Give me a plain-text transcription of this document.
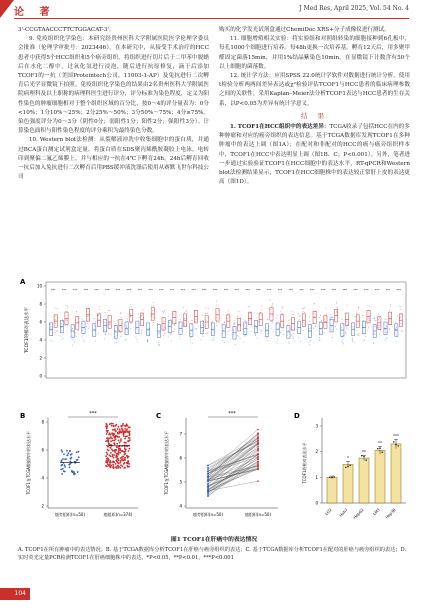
论 著	J Med Res, April 2025, Vol. 54 No. 4

3'-CCGTAACCCTTCTGGACAT-3'。

9. 免疫组织化学染色：本研究经贵州医科大学附属医院医学伦理学委员会批准（伦理学审批号：2023446）。在本研究中，从接受手术治疗的HCC患者中获得5个HCC组织和5个癌旁组织。将组织进行切片后于二甲苯中脱蜡后在水化二醇中，过氧化氢进行浸泡，随后进行抗原修复，滴于后添加TCOF1的一抗（美国Proteintech公司，11003-1-AP）及兔抗进行二次孵育后光学显微镜下拍照。免疫组织化学染色的结果由2名贵州医科大学附属医院病理科及以上职称的病理科医生进行评分，评分标准为染色程度，定义为阳性染色的肿瘤细胞相对于整个组织区域的百分比，按0～4的评分量表为：0分<10%；1分10%～25%；2分25%～50%；3分50%～75%；4分≥75%。染色强度评分为0～3分（阴性0分；弱阳性1分；阳性2分；强阳性3分）。计算染色面积与阳性染色程度的评分乘积为最终染色分数。

10. Western blot法检测：从裂解液冲洗中收集细胞中的蛋白质，并通过BCA蛋白测定试剂盒定量。将蛋白质在SDS聚丙烯酰胺凝胶上电泳，电转印到聚偏二氟乙烯膜上，并与相应的一抗在4℃下孵育24h。24h后孵育回收一抗后加入兔抗进行二次孵育后用PBS缓冲液洗涤后使用从赛默飞世尔科技公司

购买的化学发光试剂盒通过ChemiDoc XRS+分子成像仪进行测试。

11. 细胞增殖相关实验：将实验组和对照组转染的细胞接种到6孔板中，每孔1000个细胞进行培养。每48h更换一次培养基。孵育12天后，用多聚甲醛固定菌落15min，并用1%结晶紫染色10min。在显微镜下计数含有50个以上细胞的菌落数。

12. 统计学方法：应用SPSS 22.0统计学软件对数据进行统计分析。使用t检验分析两两间差异表达或χ²检验评估TCOF1与HCC患者的临床病理参数之间的关联性。采用Kaplan–Meier法分析TCOF1表达与HCC患者的生存关系，以P<0.05为差异有统计学意义。

结 果

1. TCOF1在HCC组织中的表达差异：TCGA收录了包括HCC在内的多种肿瘤和对应的癌旁组织的表达信息。基于TCGA数据库发现TCOF1在多种肿瘤中的表达上调（图1A）；在配对和非配对的HCC的癌与癌旁组织样本中，TCOF1在HCC中表达明显上调（图1B、C；P<0.001）。另外，笔者进一步通过实验验证TCOF1在HCC细胞中的表达水平，RT-qPCR和Western blot法检测结果显示，TCOF1在HCC细胞株中的表达较正常肝上皮的表达更高（图1D）。

A
TCOF1的相对表达水平
0
2
4
6
8
10
*** *** *** *** *** *** *** *** *** *** *** *** *** *** *** *** *** *** *** *** *** *** *** *** *** *** *** *** *** *** *** *** ***
B
TCOF1在TCGA数据库中的表达水平
2
4
6
8
***
癌旁组织(n=50)	癌组织(n=374)
C
TCOF1在TCGA数据库中的表达水平
4
5
6
7
***
癌旁组织(n=50)	癌组织(n=50)
D
TCOF1的相对表达水平
0
1
2
3
LO2
*
Huh7
**
HepG2
**
LM3
***
Hep3B
图1 TCOF1在肝癌中的表达情况
A. TCOF1在所有肿瘤中的表达情况；B. 基于TCGA数据库分析TCOF1在肝癌与癌旁组织的表达；C. 基于TCGA数据库分析TCOF1在配对的肝癌与癌旁组织的表达；D. 实时荧光定量PCR检测TCOF1在肝癌细胞株中的表达。*P<0.05，**P<0.01，***P<0.001
104
